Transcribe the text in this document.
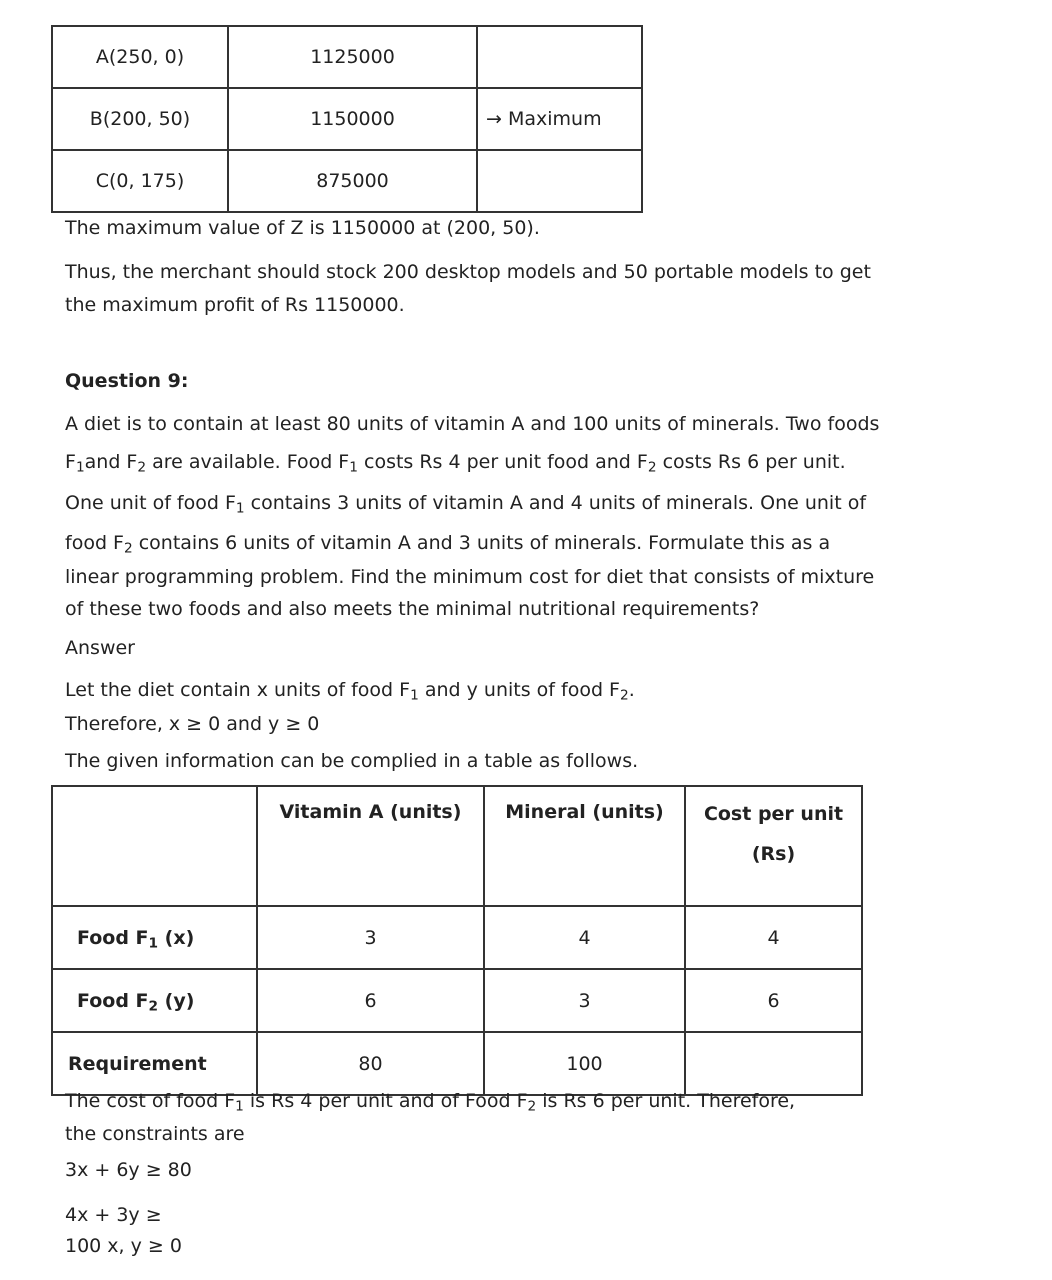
A(250, 0)	1125000	
B(200, 50)	1150000	→ Maximum
C(0, 175)	875000	
The maximum value of Z is 1150000 at (200, 50).
Thus, the merchant should stock 200 desktop models and 50 portable models to get
the maximum profit of Rs 1150000.
Question 9:
A diet is to contain at least 80 units of vitamin A and 100 units of minerals. Two foods
$F_1and$ $F_2$ are available. Food $F_1$ costs Rs 4 per unit food and $F_2$ costs Rs 6 per unit.
One unit of food $F_1$ contains 3 units of vitamin A and 4 units of minerals. One unit of
food $F_2$ contains 6 units of vitamin A and 3 units of minerals. Formulate this as a
linear programming problem. Find the minimum cost for diet that consists of mixture
of these two foods and also meets the minimal nutritional requirements?
Answer
Let the diet contain x units of food $F_1$ and y units of food $F_2$.
Therefore, x ≥ 0 and y ≥ 0
The given information can be complied in a table as follows.
	Vitamin A (units)	Mineral (units)	Cost per unit
(Rs)

Food $F_1$ (x)	3	4	4
Food $F_2$ (y)	6	3	6
Requirement	80	100	
The cost of food $F_1$ is Rs 4 per unit and of Food $F_2$ is Rs 6 per unit. Therefore,
the constraints are
3x + 6y ≥ 80
4x + 3y ≥
100 x, y ≥ 0
